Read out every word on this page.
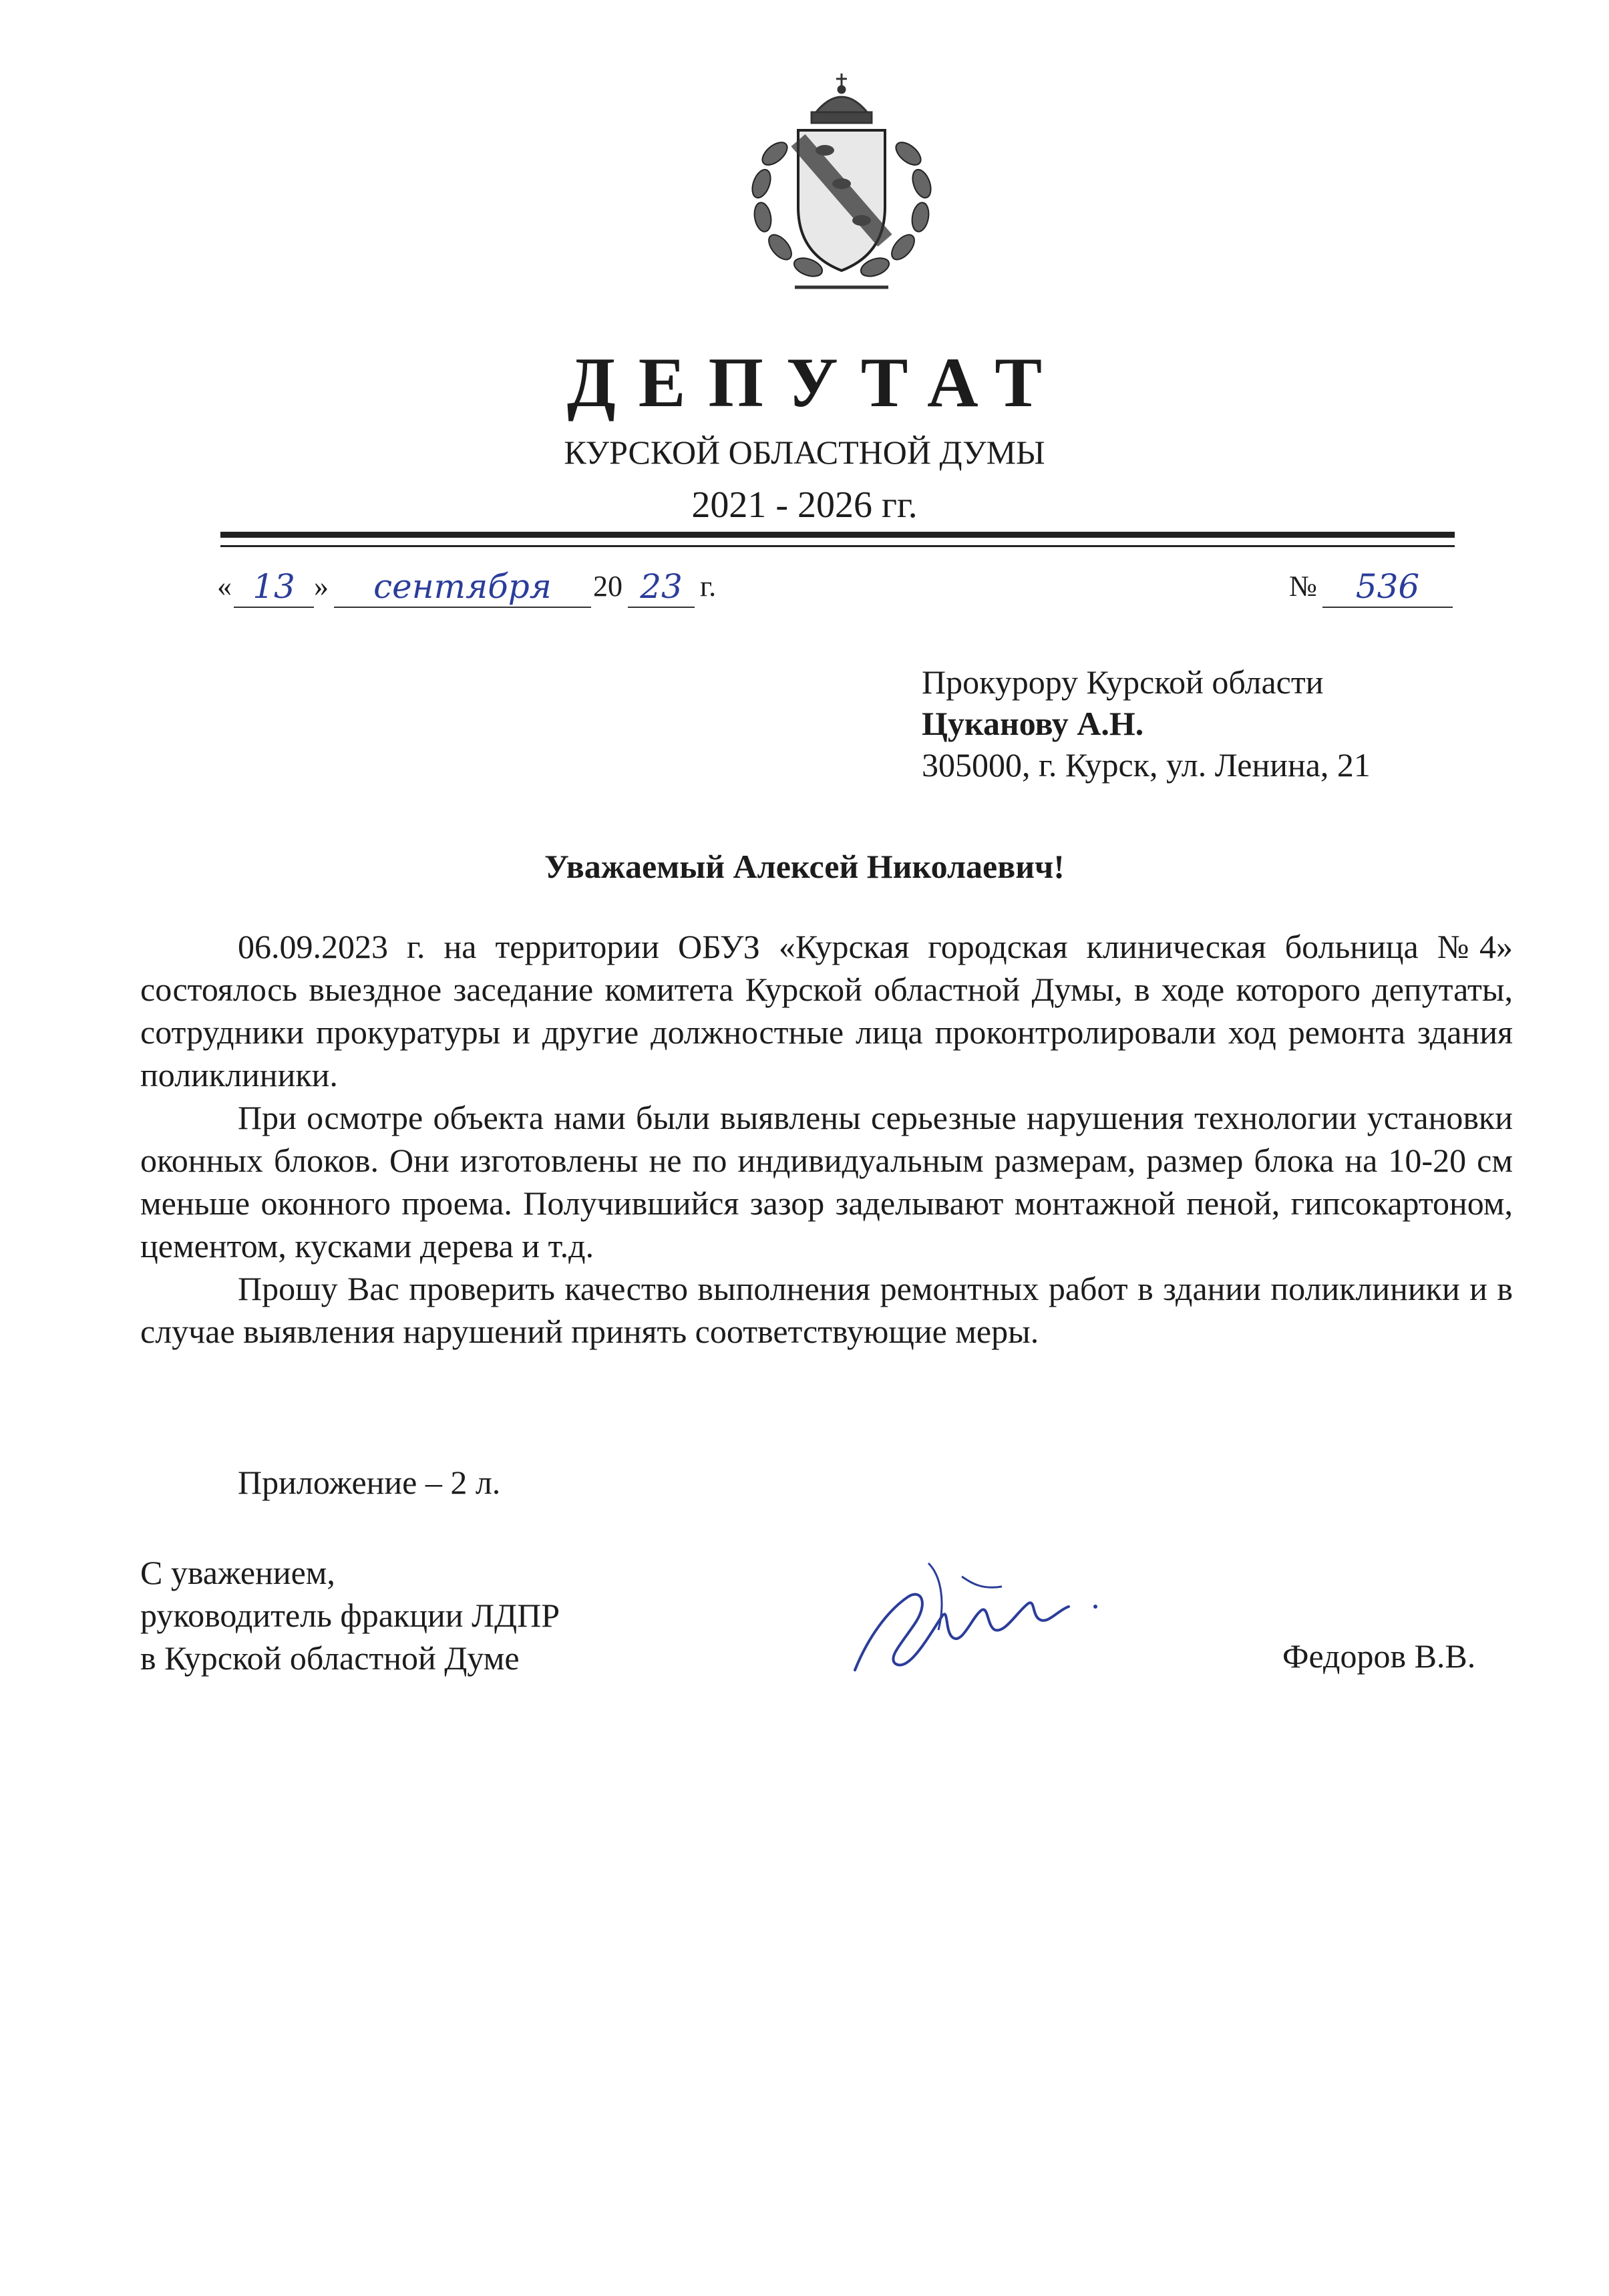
ДЕПУТАТ
КУРСКОЙ ОБЛАСТНОЙ ДУМЫ
2021 - 2026 гг.
« 13 »	сентября	20 23 г.	№	536
Прокурору Курской области
Цуканову А.Н.
305000, г. Курск, ул. Ленина, 21
Уважаемый Алексей Николаевич!

06.09.2023 г. на территории ОБУЗ «Курская городская клиническая больница №4» состоялось выездное заседание комитета Курской областной Думы, в ходе которого депутаты, сотрудники прокуратуры и другие должностные лица проконтролировали ход ремонта здания поликлиники.

При осмотре объекта нами были выявлены серьезные нарушения технологии установки оконных блоков. Они изготовлены не по индивидуальным размерам, размер блока на 10-20 см меньше оконного проема. Получившийся зазор заделывают монтажной пеной, гипсокартоном, цементом, кусками дерева и т.д.

Прошу Вас проверить качество выполнения ремонтных работ в здании поликлиники и в случае выявления нарушений принять соответствующие меры.

Приложение – 2 л.
С уважением,
руководитель фракции ЛДПР
в Курской областной Думе	Федоров В.В.
